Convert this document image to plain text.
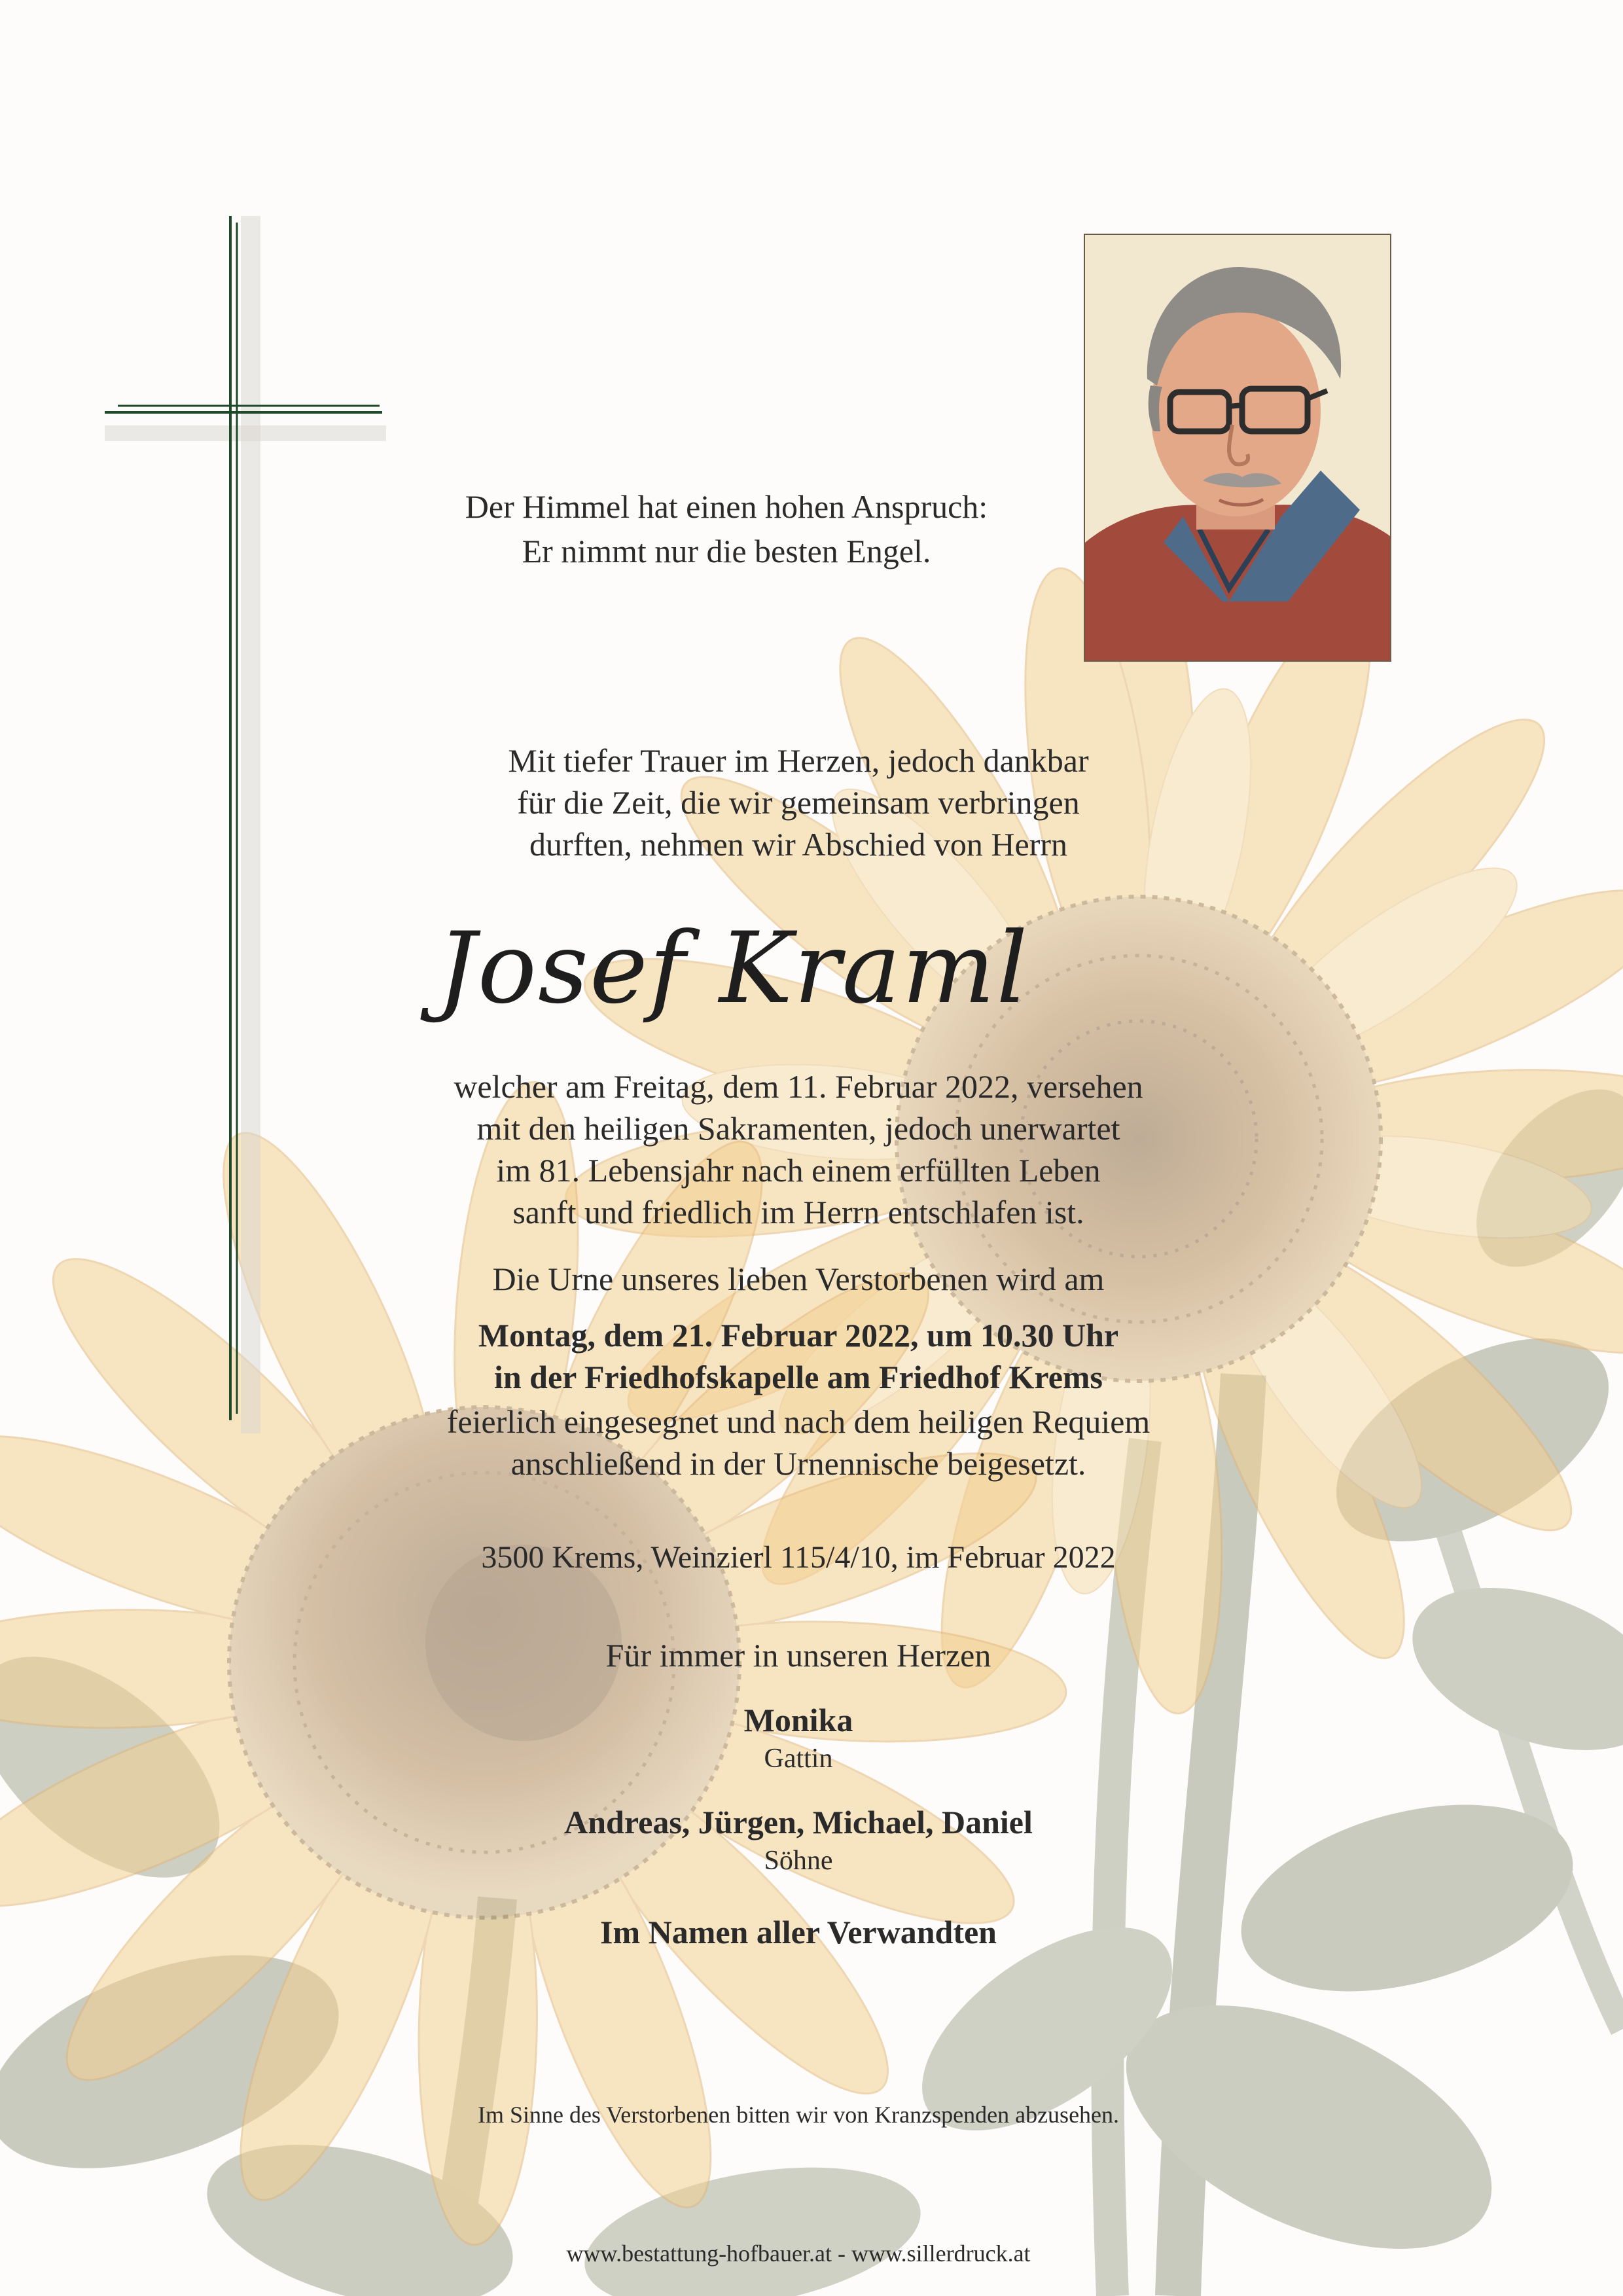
Der Himmel hat einen hohen Anspruch:
Er nimmt nur die besten Engel.
Mit tiefer Trauer im Herzen, jedoch dankbar
für die Zeit, die wir gemeinsam verbringen
durften, nehmen wir Abschied von Herrn
Josef Kraml
welcher am Freitag, dem 11. Februar 2022, versehen
mit den heiligen Sakramenten, jedoch unerwartet
im 81. Lebensjahr nach einem erfüllten Leben
sanft und friedlich im Herrn entschlafen ist.
Die Urne unseres lieben Verstorbenen wird am
Montag, dem 21. Februar 2022, um 10.30 Uhr
in der Friedhofskapelle am Friedhof Krems
feierlich eingesegnet und nach dem heiligen Requiem
anschließend in der Urnennische beigesetzt.
3500 Krems, Weinzierl 115/4/10, im Februar 2022
Für immer in unseren Herzen
Monika
Gattin
Andreas, Jürgen, Michael, Daniel
Söhne
Im Namen aller Verwandten
Im Sinne des Verstorbenen bitten wir von Kranzspenden abzusehen.
www.bestattung-hofbauer.at - www.sillerdruck.at
